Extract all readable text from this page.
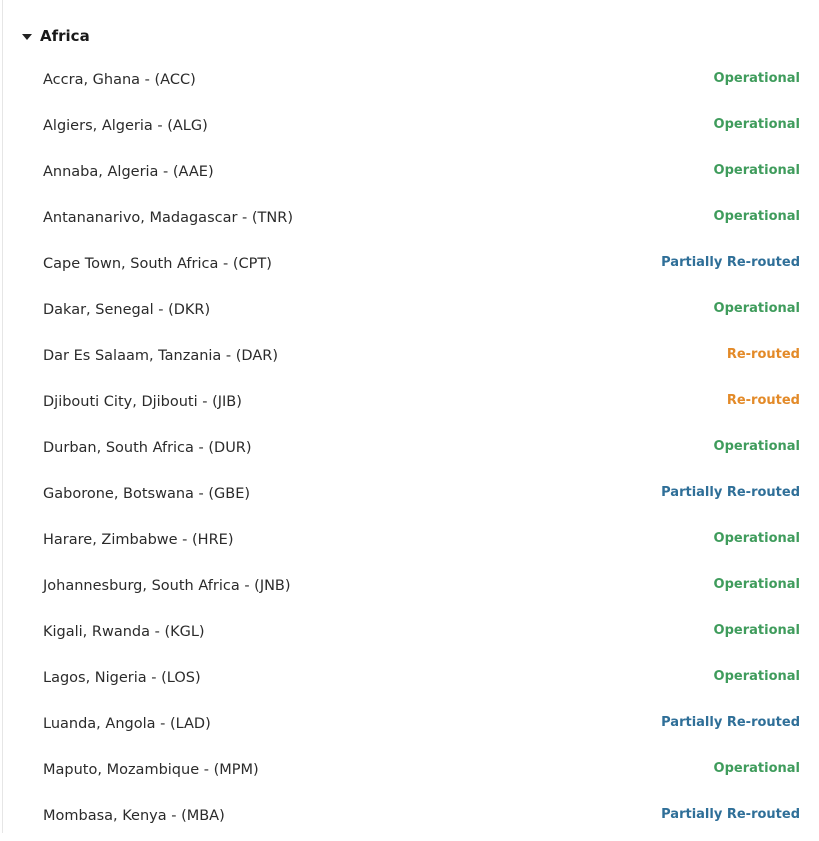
Africa
Accra, Ghana - (ACC)	Operational
Algiers, Algeria - (ALG)	Operational
Annaba, Algeria - (AAE)	Operational
Antananarivo, Madagascar - (TNR)	Operational
Cape Town, South Africa - (CPT)	Partially Re-routed
Dakar, Senegal - (DKR)	Operational
Dar Es Salaam, Tanzania - (DAR)	Re-routed
Djibouti City, Djibouti - (JIB)	Re-routed
Durban, South Africa - (DUR)	Operational
Gaborone, Botswana - (GBE)	Partially Re-routed
Harare, Zimbabwe - (HRE)	Operational
Johannesburg, South Africa - (JNB)	Operational
Kigali, Rwanda - (KGL)	Operational
Lagos, Nigeria - (LOS)	Operational
Luanda, Angola - (LAD)	Partially Re-routed
Maputo, Mozambique - (MPM)	Operational
Mombasa, Kenya - (MBA)	Partially Re-routed
